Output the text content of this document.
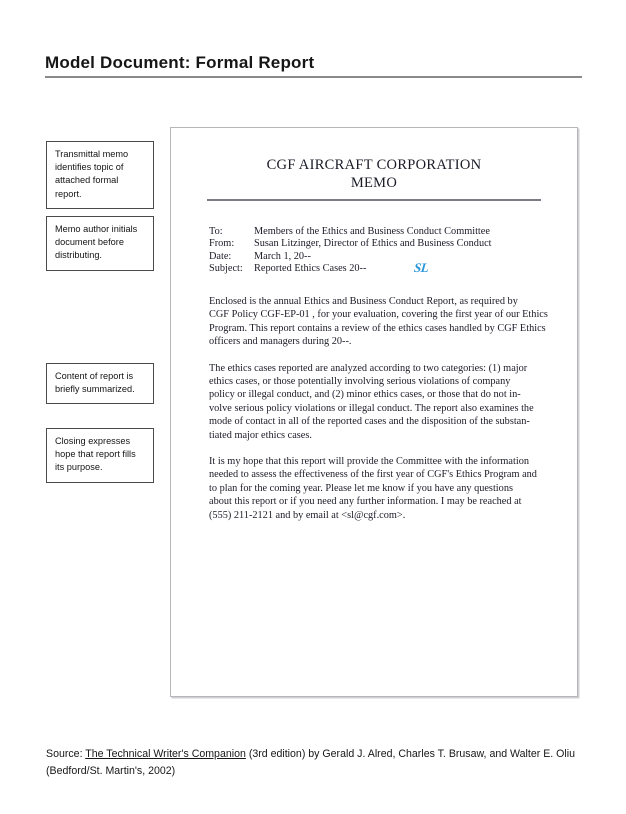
Model Document: Formal Report
Transmittal memo identifies topic of attached formal report.
Memo author initials document before distributing.
Content of report is briefly summarized.
Closing expresses hope that report fills its purpose.
CGF AIRCRAFT CORPORATION
MEMO
To:	Members of the Ethics and Business Conduct Committee
From:	Susan Litzinger, Director of Ethics and Business Conduct
Date:	March 1, 20--
Subject:	Reported Ethics Cases 20--	SL

Enclosed is the annual Ethics and Business Conduct Report, as required by
CGF Policy CGF-EP-01 , for your evaluation, covering the first year of our Ethics
Program. This report contains a review of the ethics cases handled by CGF Ethics
officers and managers during 20--.

The ethics cases reported are analyzed according to two categories: (1) major
ethics cases, or those potentially involving serious violations of company
policy or illegal conduct, and (2) minor ethics cases, or those that do not in-
volve serious policy violations or illegal conduct. The report also examines the
mode of contact in all of the reported cases and the disposition of the substan-
tiated major ethics cases.

It is my hope that this report will provide the Committee with the information
needed to assess the effectiveness of the first year of CGF's Ethics Program and
to plan for the coming year. Please let me know if you have any questions
about this report or if you need any further information. I may be reached at
(555) 211-2121 and by email at <sl@cgf.com>.

Source: The Technical Writer's Companion (3rd edition) by Gerald J. Alred, Charles T. Brusaw, and Walter E. Oliu (Bedford/St. Martin's, 2002)
